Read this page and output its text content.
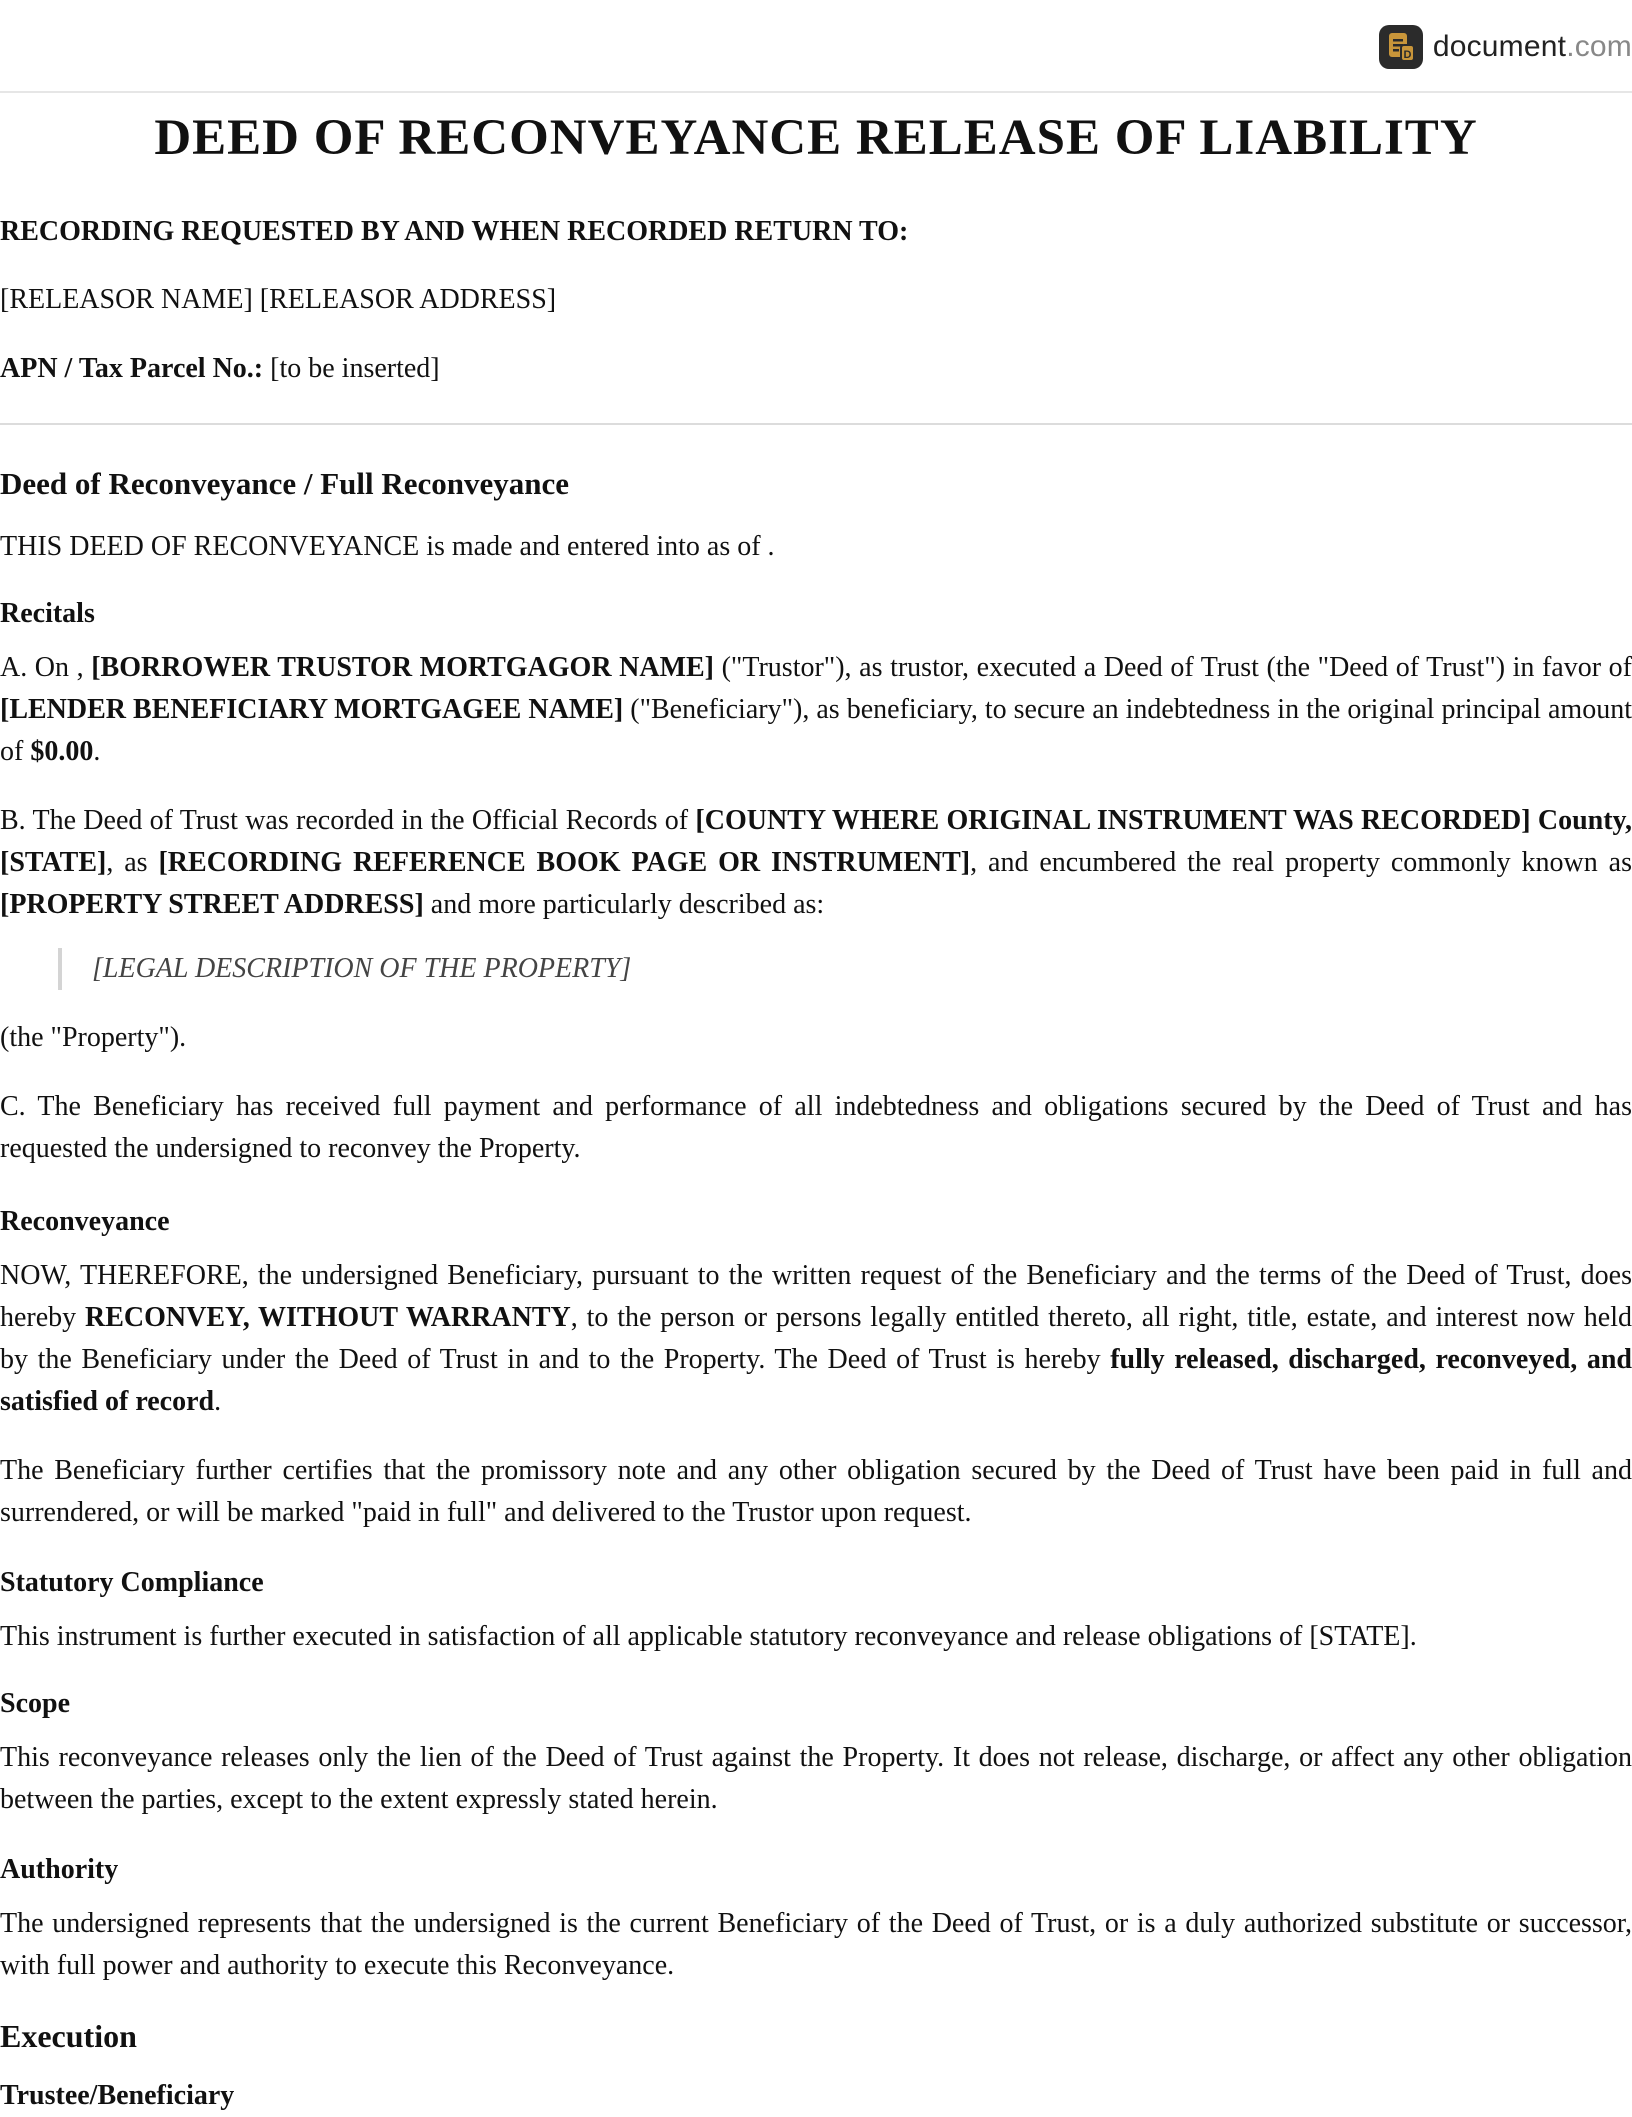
D document.com
DEED OF RECONVEYANCE RELEASE OF LIABILITY
RECORDING REQUESTED BY AND WHEN RECORDED RETURN TO:
[RELEASOR NAME] [RELEASOR ADDRESS]
APN / Tax Parcel No.: [to be inserted]
Deed of Reconveyance / Full Reconveyance
THIS DEED OF RECONVEYANCE is made and entered into as of .
Recitals
A. On , [BORROWER TRUSTOR MORTGAGOR NAME] ("Trustor"), as trustor, executed a Deed of Trust (the "Deed of Trust") in favor of [LENDER BENEFICIARY MORTGAGEE NAME] ("Beneficiary"), as beneficiary, to secure an indebtedness in the original principal amount of $0.00.
B. The Deed of Trust was recorded in the Official Records of [COUNTY WHERE ORIGINAL INSTRUMENT WAS RECORDED] County, [STATE], as [RECORDING REFERENCE BOOK PAGE OR INSTRUMENT], and encumbered the real property commonly known as [PROPERTY STREET ADDRESS] and more particularly described as:
[LEGAL DESCRIPTION OF THE PROPERTY]
(the "Property").
C. The Beneficiary has received full payment and performance of all indebtedness and obligations secured by the Deed of Trust and has requested the undersigned to reconvey the Property.
Reconveyance
NOW, THEREFORE, the undersigned Beneficiary, pursuant to the written request of the Beneficiary and the terms of the Deed of Trust, does hereby RECONVEY, WITHOUT WARRANTY, to the person or persons legally entitled thereto, all right, title, estate, and interest now held by the Beneficiary under the Deed of Trust in and to the Property. The Deed of Trust is hereby fully released, discharged, reconveyed, and satisfied of record.
The Beneficiary further certifies that the promissory note and any other obligation secured by the Deed of Trust have been paid in full and surrendered, or will be marked "paid in full" and delivered to the Trustor upon request.
Statutory Compliance
This instrument is further executed in satisfaction of all applicable statutory reconveyance and release obligations of [STATE].
Scope
This reconveyance releases only the lien of the Deed of Trust against the Property. It does not release, discharge, or affect any other obligation between the parties, except to the extent expressly stated herein.
Authority
The undersigned represents that the undersigned is the current Beneficiary of the Deed of Trust, or is a duly authorized substitute or successor, with full power and authority to execute this Reconveyance.
Execution
Trustee/Beneficiary
